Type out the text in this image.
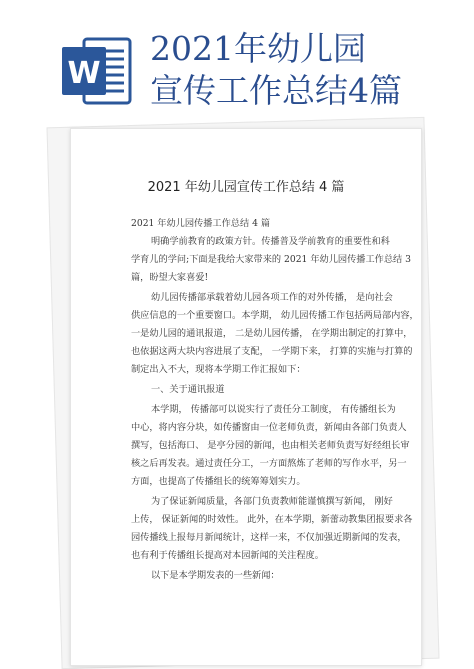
W
2021年幼儿园
宣传工作总结4篇
2021 年幼儿园宣传工作总结 4 篇
2021 年幼儿园传播工作总结 4 篇
明确学前教育的政策方针。传播普及学前教育的重要性和科
学育儿的学问;下面是我给大家带来的 2021 年幼儿园传播工作总结 3
篇，盼望大家喜爱!
幼儿园传播部承载着幼儿园各项工作的对外传播， 是向社会
供应信息的一个重要窗口。本学期， 幼儿园传播工作包括两局部内容，
一是幼儿园的通讯报道， 二是幼儿园传播， 在学期出制定的打算中，
也依据这两大块内容进展了支配， 一学期下来， 打算的实施与打算的
制定出入不大，现将本学期工作汇报如下：
一、关于通讯报道
本学期， 传播部可以说实行了责任分工制度， 有传播组长为
中心，将内容分块，如传播窗由一位老师负责，新闻由各部门负责人
撰写，包括海口、 是亭分园的新闻，也由相关老师负责写好经组长审
核之后再发表。通过责任分工，一方面熬炼了老师的写作水平，另一
方面，也提高了传播组长的统筹筹划实力。
为了保证新闻质量，各部门负责教师能谨慎撰写新闻， 刚好
上传， 保证新闻的时效性。 此外，在本学期，新蕾动教集团报要求各
园传播线上报每月新闻统计，这样一来，不仅加强近期新闻的发表，
也有利于传播组长提高对本园新闻的关注程度。
以下是本学期发表的一些新闻：
